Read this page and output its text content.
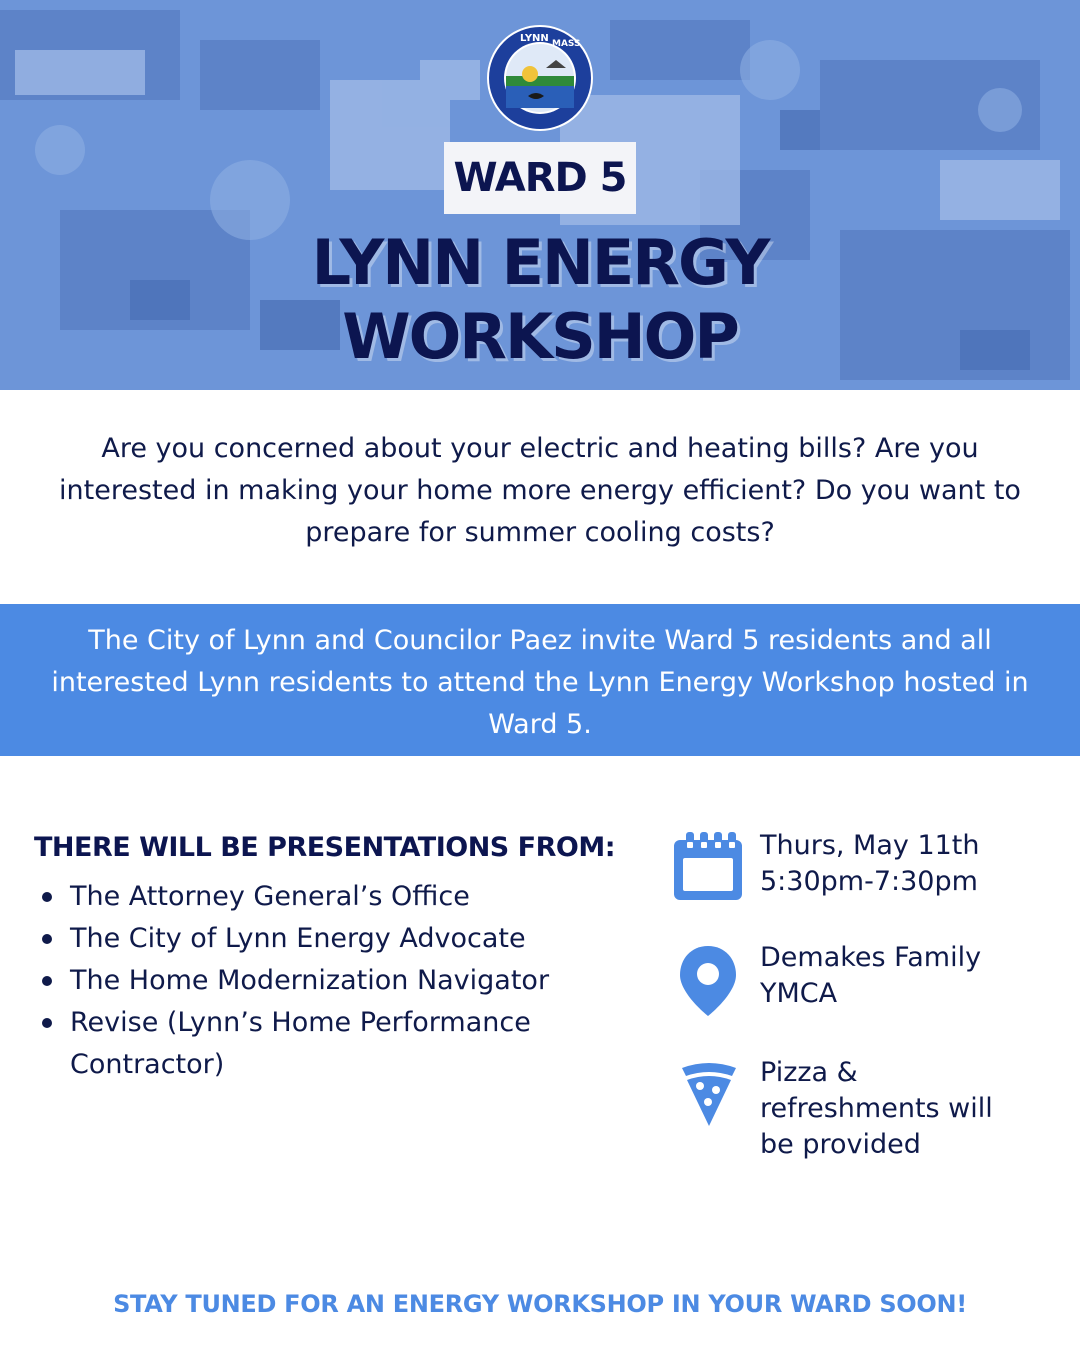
LYNN MASS
WARD 5
LYNN ENERGY
WORKSHOP

Are you concerned about your electric and heating bills? Are you interested in making your home more energy efficient? Do you want to prepare for summer cooling costs?

The City of Lynn and Councilor Paez invite Ward 5 residents and all interested Lynn residents to attend the Lynn Energy Workshop hosted in Ward 5.

THERE WILL BE PRESENTATIONS FROM:
The Attorney General’s Office
The City of Lynn Energy Advocate
The Home Modernization Navigator
Revise (Lynn’s Home Performance Contractor)
Thurs, May 11th
5:30pm-7:30pm
Demakes Family
YMCA
Pizza &
refreshments will
be provided

STAY TUNED FOR AN ENERGY WORKSHOP IN YOUR WARD SOON!
